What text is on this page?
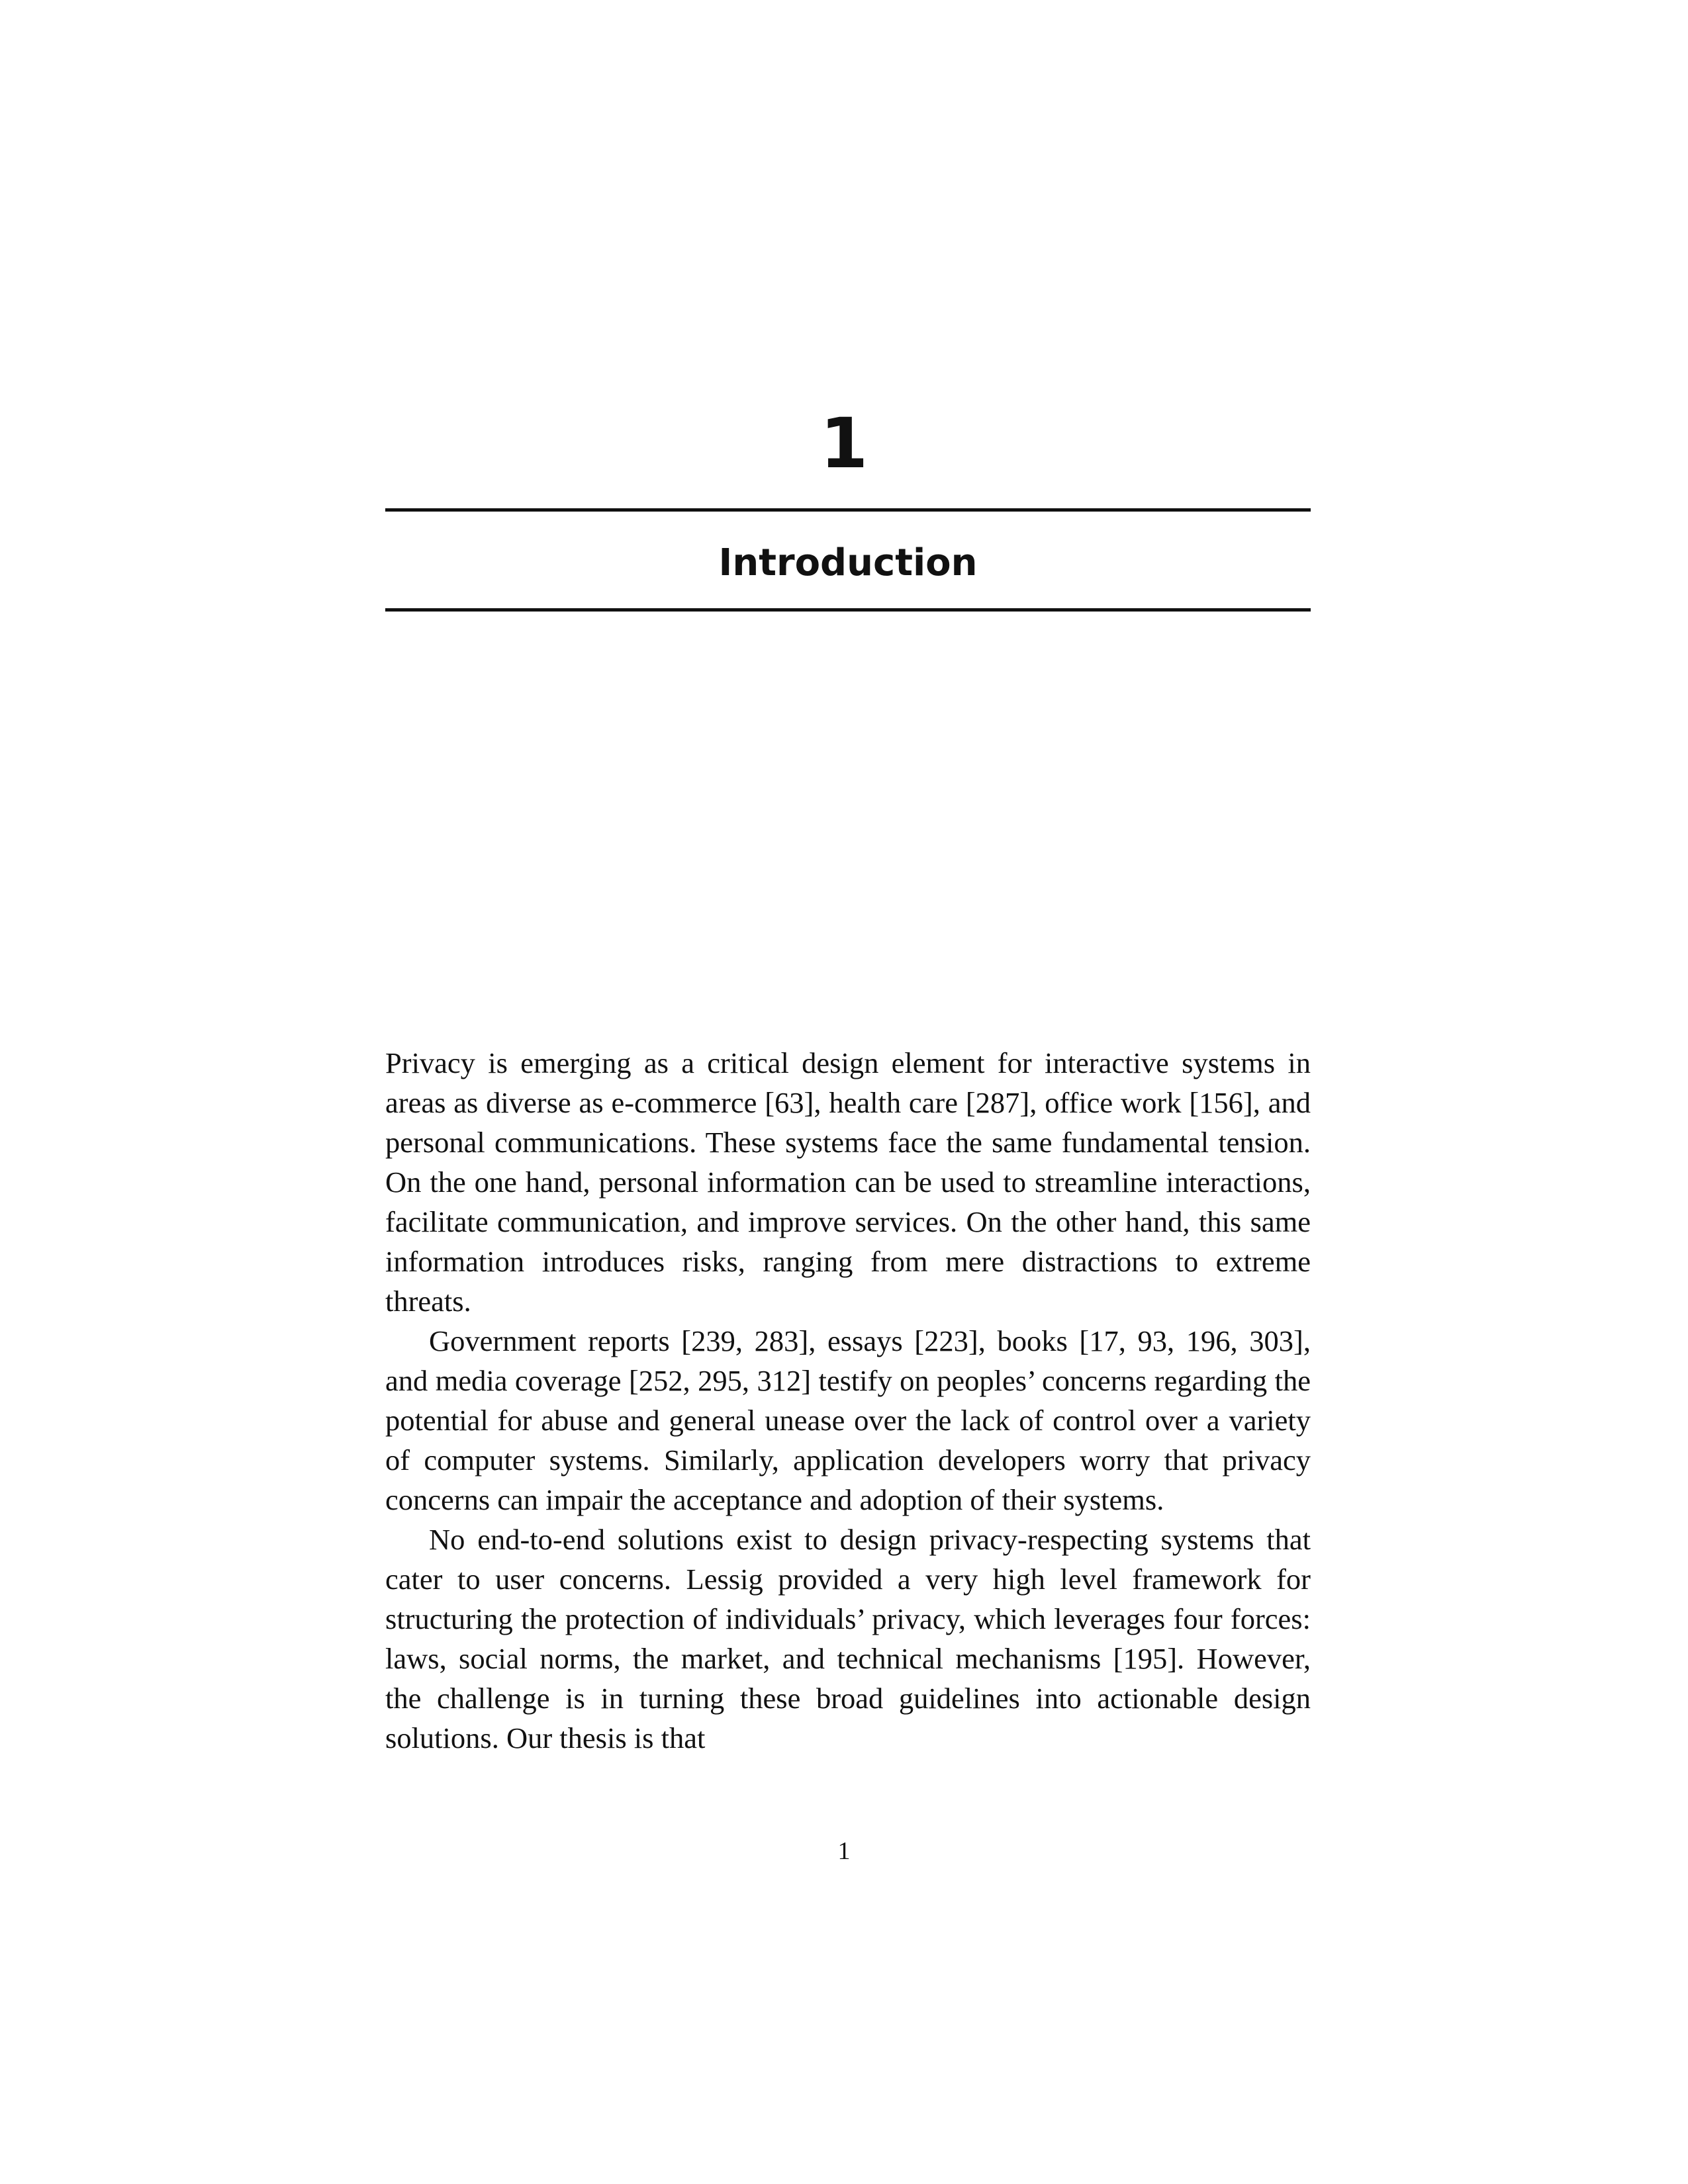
1
Introduction

Privacy is emerging as a critical design element for interactive systems in areas as diverse as e-commerce [63], health care [287], office work [156], and personal communications. These systems face the same fundamental tension. On the one hand, personal information can be used to streamline interactions, facilitate communication, and improve services. On the other hand, this same information introduces risks, ranging from mere distractions to extreme threats.

Government reports [239, 283], essays [223], books [17, 93, 196, 303], and media coverage [252, 295, 312] testify on peoples’ concerns regarding the potential for abuse and general unease over the lack of control over a variety of computer systems. Similarly, application developers worry that privacy concerns can impair the acceptance and adoption of their systems.

No end-to-end solutions exist to design privacy-respecting systems that cater to user concerns. Lessig provided a very high level framework for structuring the protection of individuals’ privacy, which leverages four forces: laws, social norms, the market, and technical mechanisms [195]. However, the challenge is in turning these broad guidelines into actionable design solutions. Our thesis is that

1
